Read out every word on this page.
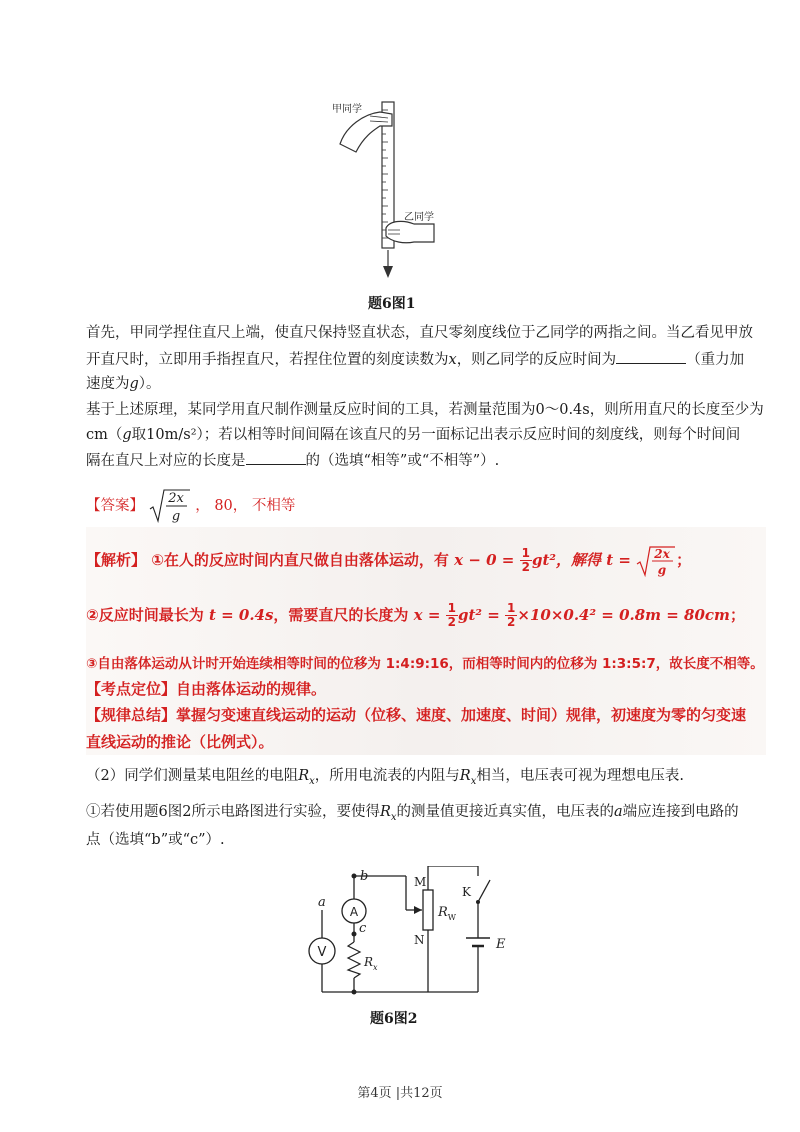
甲同学
乙同学
题6图1
首先，甲同学捏住直尺上端，使直尺保持竖直状态，直尺零刻度线位于乙同学的两指之间。当乙看见甲放
开直尺时，立即用手指捏直尺，若捏住位置的刻度读数为x，则乙同学的反应时间为	（重力加
速度为g）。
基于上述原理，某同学用直尺制作测量反应时间的工具，若测量范围为0～0.4s，则所用直尺的长度至少为
cm（g取10m/s²）；若以相等时间间隔在该直尺的另一面标记出表示反应时间的刻度线，则每个时间间
隔在直尺上对应的长度是	的（选填“相等”或“不相等”）.
【答案】 2x
g
， 80， 不相等
【解析】 ①在人的反应时间内直尺做自由落体运动，有 $x - 0 = \frac{1}{2} gt^2$，解得 t = 2x
g
；
②反应时间最长为 t = 0.4s，需要直尺的长度为 $x = \frac{1}{2} gt^2 = \frac{1}{2} \times 10\times 0.4^2 = 0.8m = 80cm$；
③自由落体运动从计时开始连续相等时间的位移为 1:4:9:16，而相等时间内的位移为 1:3:5:7，故长度不相等。
【考点定位】自由落体运动的规律。
【规律总结】掌握匀变速直线运动的运动（位移、速度、加速度、时间）规律，初速度为零的匀变速
直线运动的推论（比例式）。
（2）同学们测量某电阻丝的电阻$R_x$，所用电流表的内阻与$R_x$相当，电压表可视为理想电压表.
①若使用题6图2所示电路图进行实验，要使得$R_x$的测量值更接近真实值，电压表的a端应连接到电路的
点（选填“b”或“c”）.
V
A
a
b
c
M
N
K
$R_W$
$R_x$
E
题6图2
第4页 |共12页
